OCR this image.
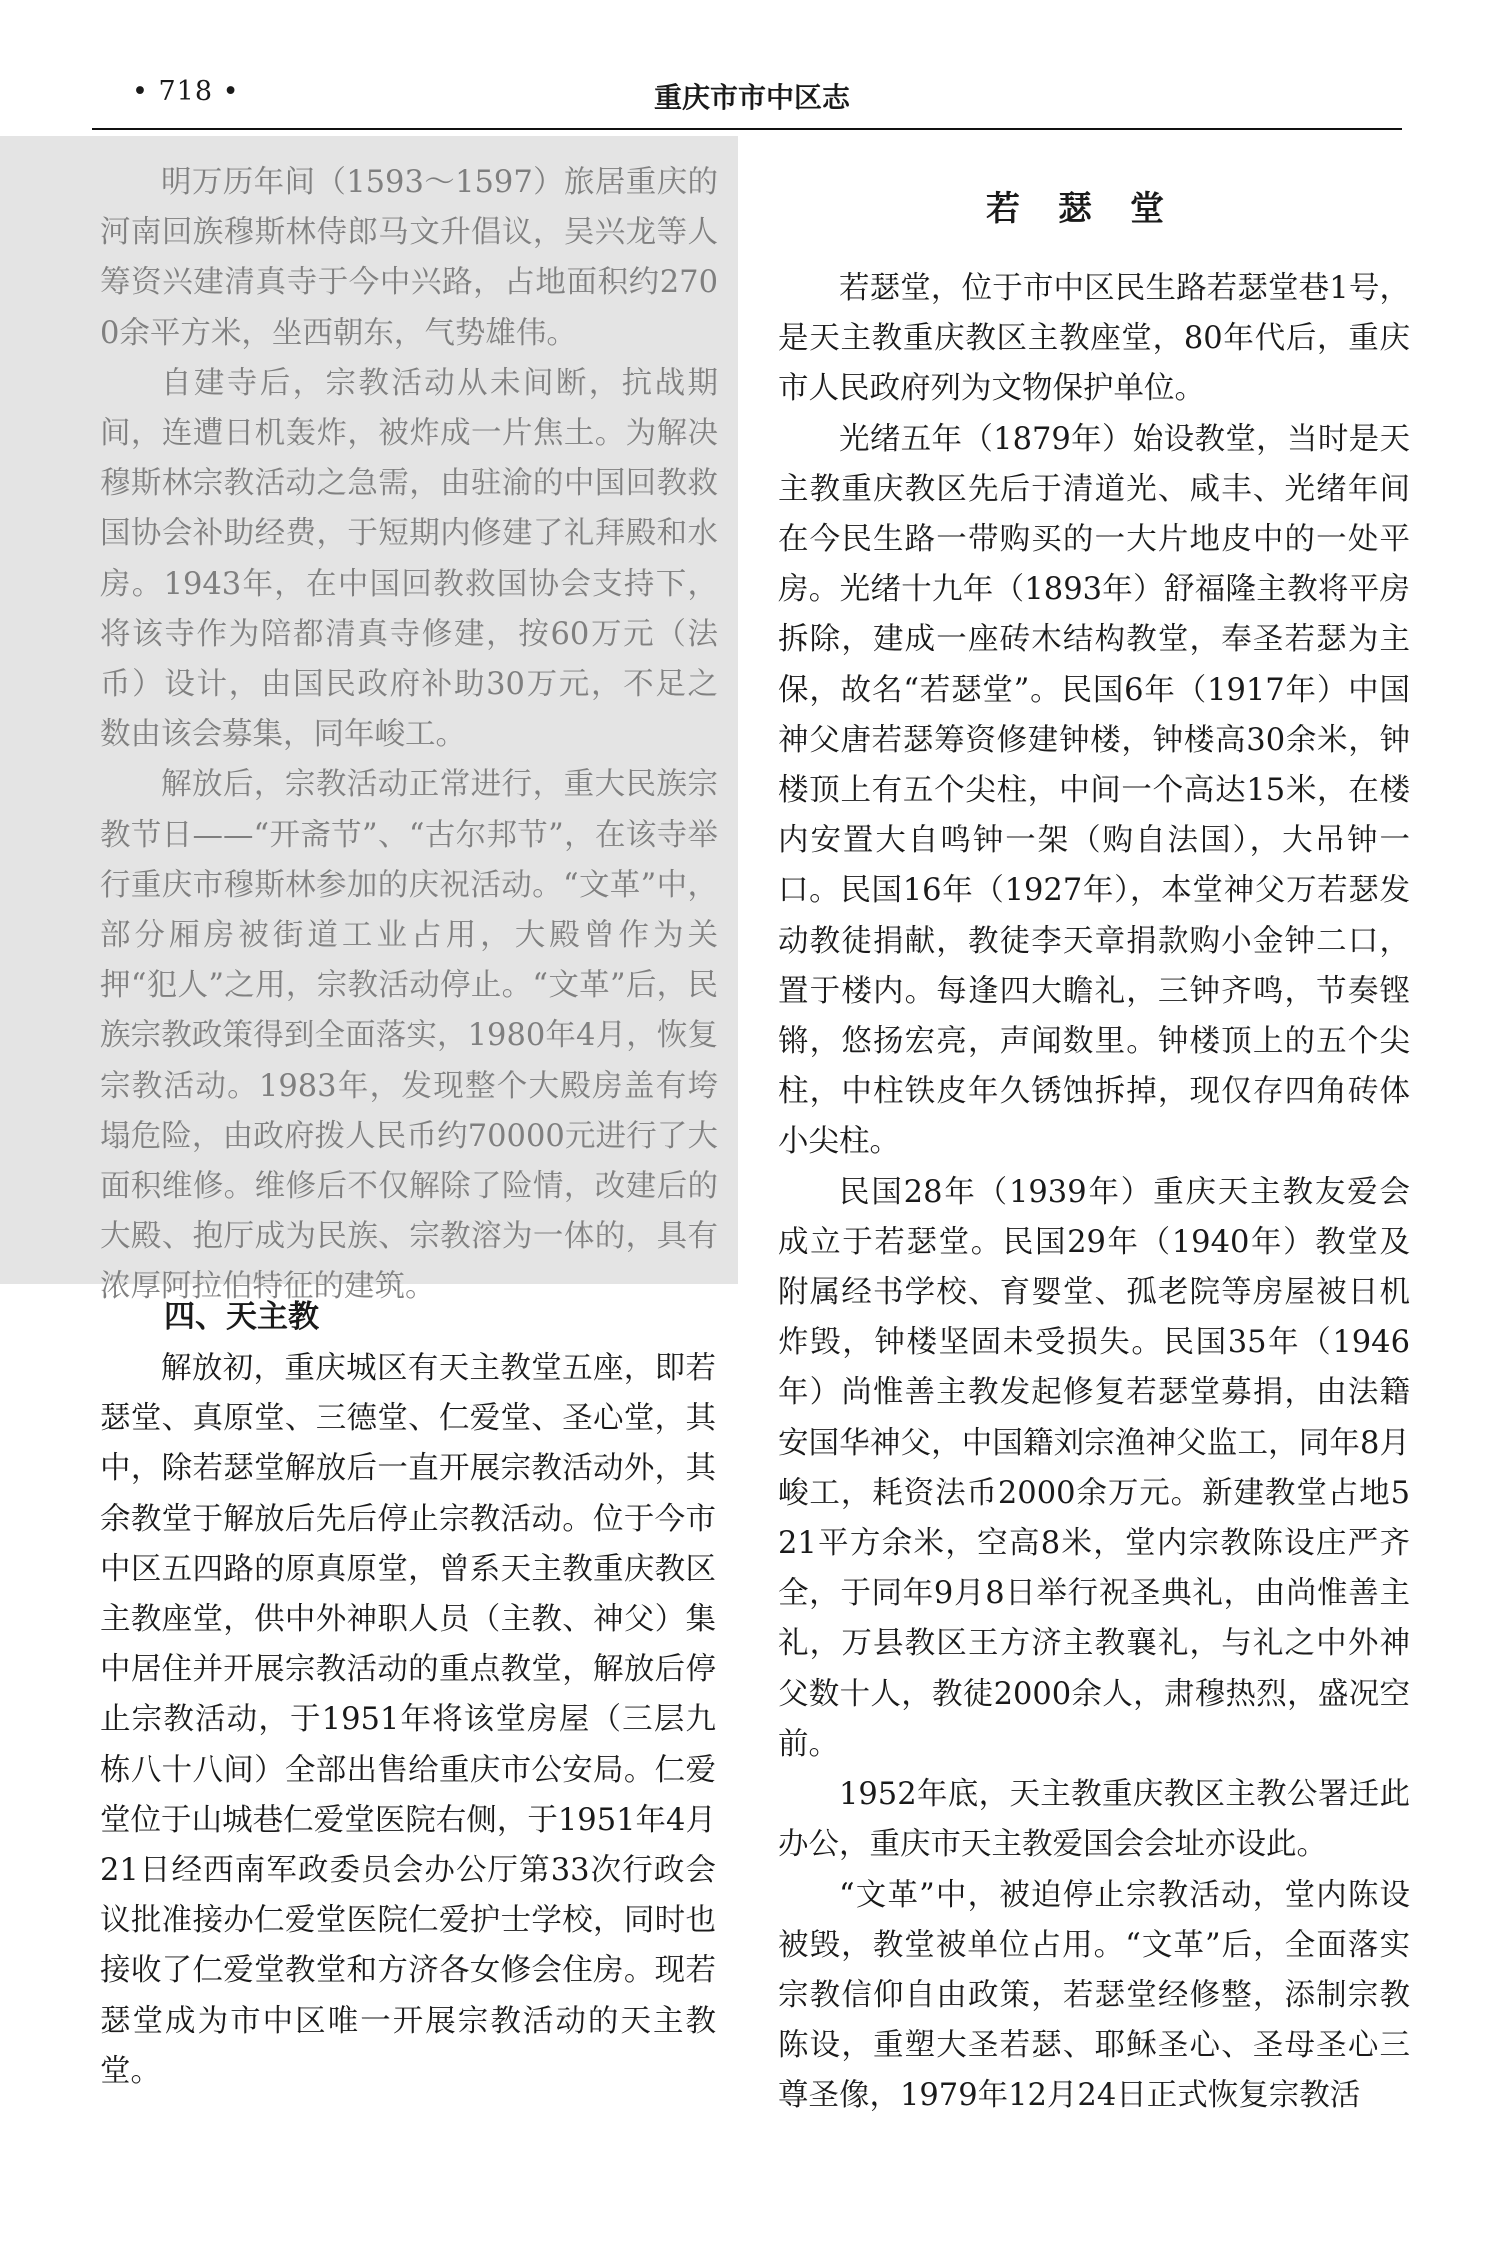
• 718 •	重庆市市中区志

明万历年间（1593～1597）旅居重庆的河南回族穆斯林侍郎马文升倡议，吴兴龙等人筹资兴建清真寺于今中兴路，占地面积约2700余平方米，坐西朝东，气势雄伟。

自建寺后，宗教活动从未间断，抗战期间，连遭日机轰炸，被炸成一片焦土。为解决穆斯林宗教活动之急需，由驻渝的中国回教救国协会补助经费，于短期内修建了礼拜殿和水房。1943年，在中国回教救国协会支持下，将该寺作为陪都清真寺修建，按60万元（法币）设计，由国民政府补助30万元，不足之数由该会募集，同年峻工。

解放后，宗教活动正常进行，重大民族宗教节日——“开斋节”、“古尔邦节”，在该寺举行重庆市穆斯林参加的庆祝活动。“文革”中，部分厢房被街道工业占用，大殿曾作为关押“犯人”之用，宗教活动停止。“文革”后，民族宗教政策得到全面落实，1980年4月，恢复宗教活动。1983年，发现整个大殿房盖有垮塌危险，由政府拨人民币约70000元进行了大面积维修。维修后不仅解除了险情，改建后的大殿、抱厅成为民族、宗教溶为一体的，具有浓厚阿拉伯特征的建筑。

四、天主教

解放初，重庆城区有天主教堂五座，即若瑟堂、真原堂、三德堂、仁爱堂、圣心堂，其中，除若瑟堂解放后一直开展宗教活动外，其余教堂于解放后先后停止宗教活动。位于今市中区五四路的原真原堂，曾系天主教重庆教区主教座堂，供中外神职人员（主教、神父）集中居住并开展宗教活动的重点教堂，解放后停止宗教活动，于1951年将该堂房屋（三层九栋八十八间）全部出售给重庆市公安局。仁爱堂位于山城巷仁爱堂医院右侧，于1951年4月21日经西南军政委员会办公厅第33次行政会议批准接办仁爱堂医院仁爱护士学校，同时也接收了仁爱堂教堂和方济各女修会住房。现若瑟堂成为市中区唯一开展宗教活动的天主教堂。

若瑟堂

若瑟堂，位于市中区民生路若瑟堂巷1号，是天主教重庆教区主教座堂，80年代后，重庆市人民政府列为文物保护单位。

光绪五年（1879年）始设教堂，当时是天主教重庆教区先后于清道光、咸丰、光绪年间在今民生路一带购买的一大片地皮中的一处平房。光绪十九年（1893年）舒福隆主教将平房拆除，建成一座砖木结构教堂，奉圣若瑟为主保，故名“若瑟堂”。民国6年（1917年）中国神父唐若瑟筹资修建钟楼，钟楼高30余米，钟楼顶上有五个尖柱，中间一个高达15米，在楼内安置大自鸣钟一架（购自法国），大吊钟一口。民国16年（1927年），本堂神父万若瑟发动教徒捐献，教徒李天章捐款购小金钟二口，置于楼内。每逢四大瞻礼，三钟齐鸣，节奏铿锵，悠扬宏亮，声闻数里。钟楼顶上的五个尖柱，中柱铁皮年久锈蚀拆掉，现仅存四角砖体小尖柱。

民国28年（1939年）重庆天主教友爱会成立于若瑟堂。民国29年（1940年）教堂及附属经书学校、育婴堂、孤老院等房屋被日机炸毁，钟楼坚固未受损失。民国35年（1946年）尚惟善主教发起修复若瑟堂募捐，由法籍安国华神父，中国籍刘宗渔神父监工，同年8月峻工，耗资法币2000余万元。新建教堂占地521平方余米，空高8米，堂内宗教陈设庄严齐全，于同年9月8日举行祝圣典礼，由尚惟善主礼，万县教区王方济主教襄礼，与礼之中外神父数十人，教徒2000余人，肃穆热烈，盛况空前。

1952年底，天主教重庆教区主教公署迁此办公，重庆市天主教爱国会会址亦设此。

“文革”中，被迫停止宗教活动，堂内陈设被毁，教堂被单位占用。“文革”后，全面落实宗教信仰自由政策，若瑟堂经修整，添制宗教陈设，重塑大圣若瑟、耶稣圣心、圣母圣心三尊圣像，1979年12月24日正式恢复宗教活
